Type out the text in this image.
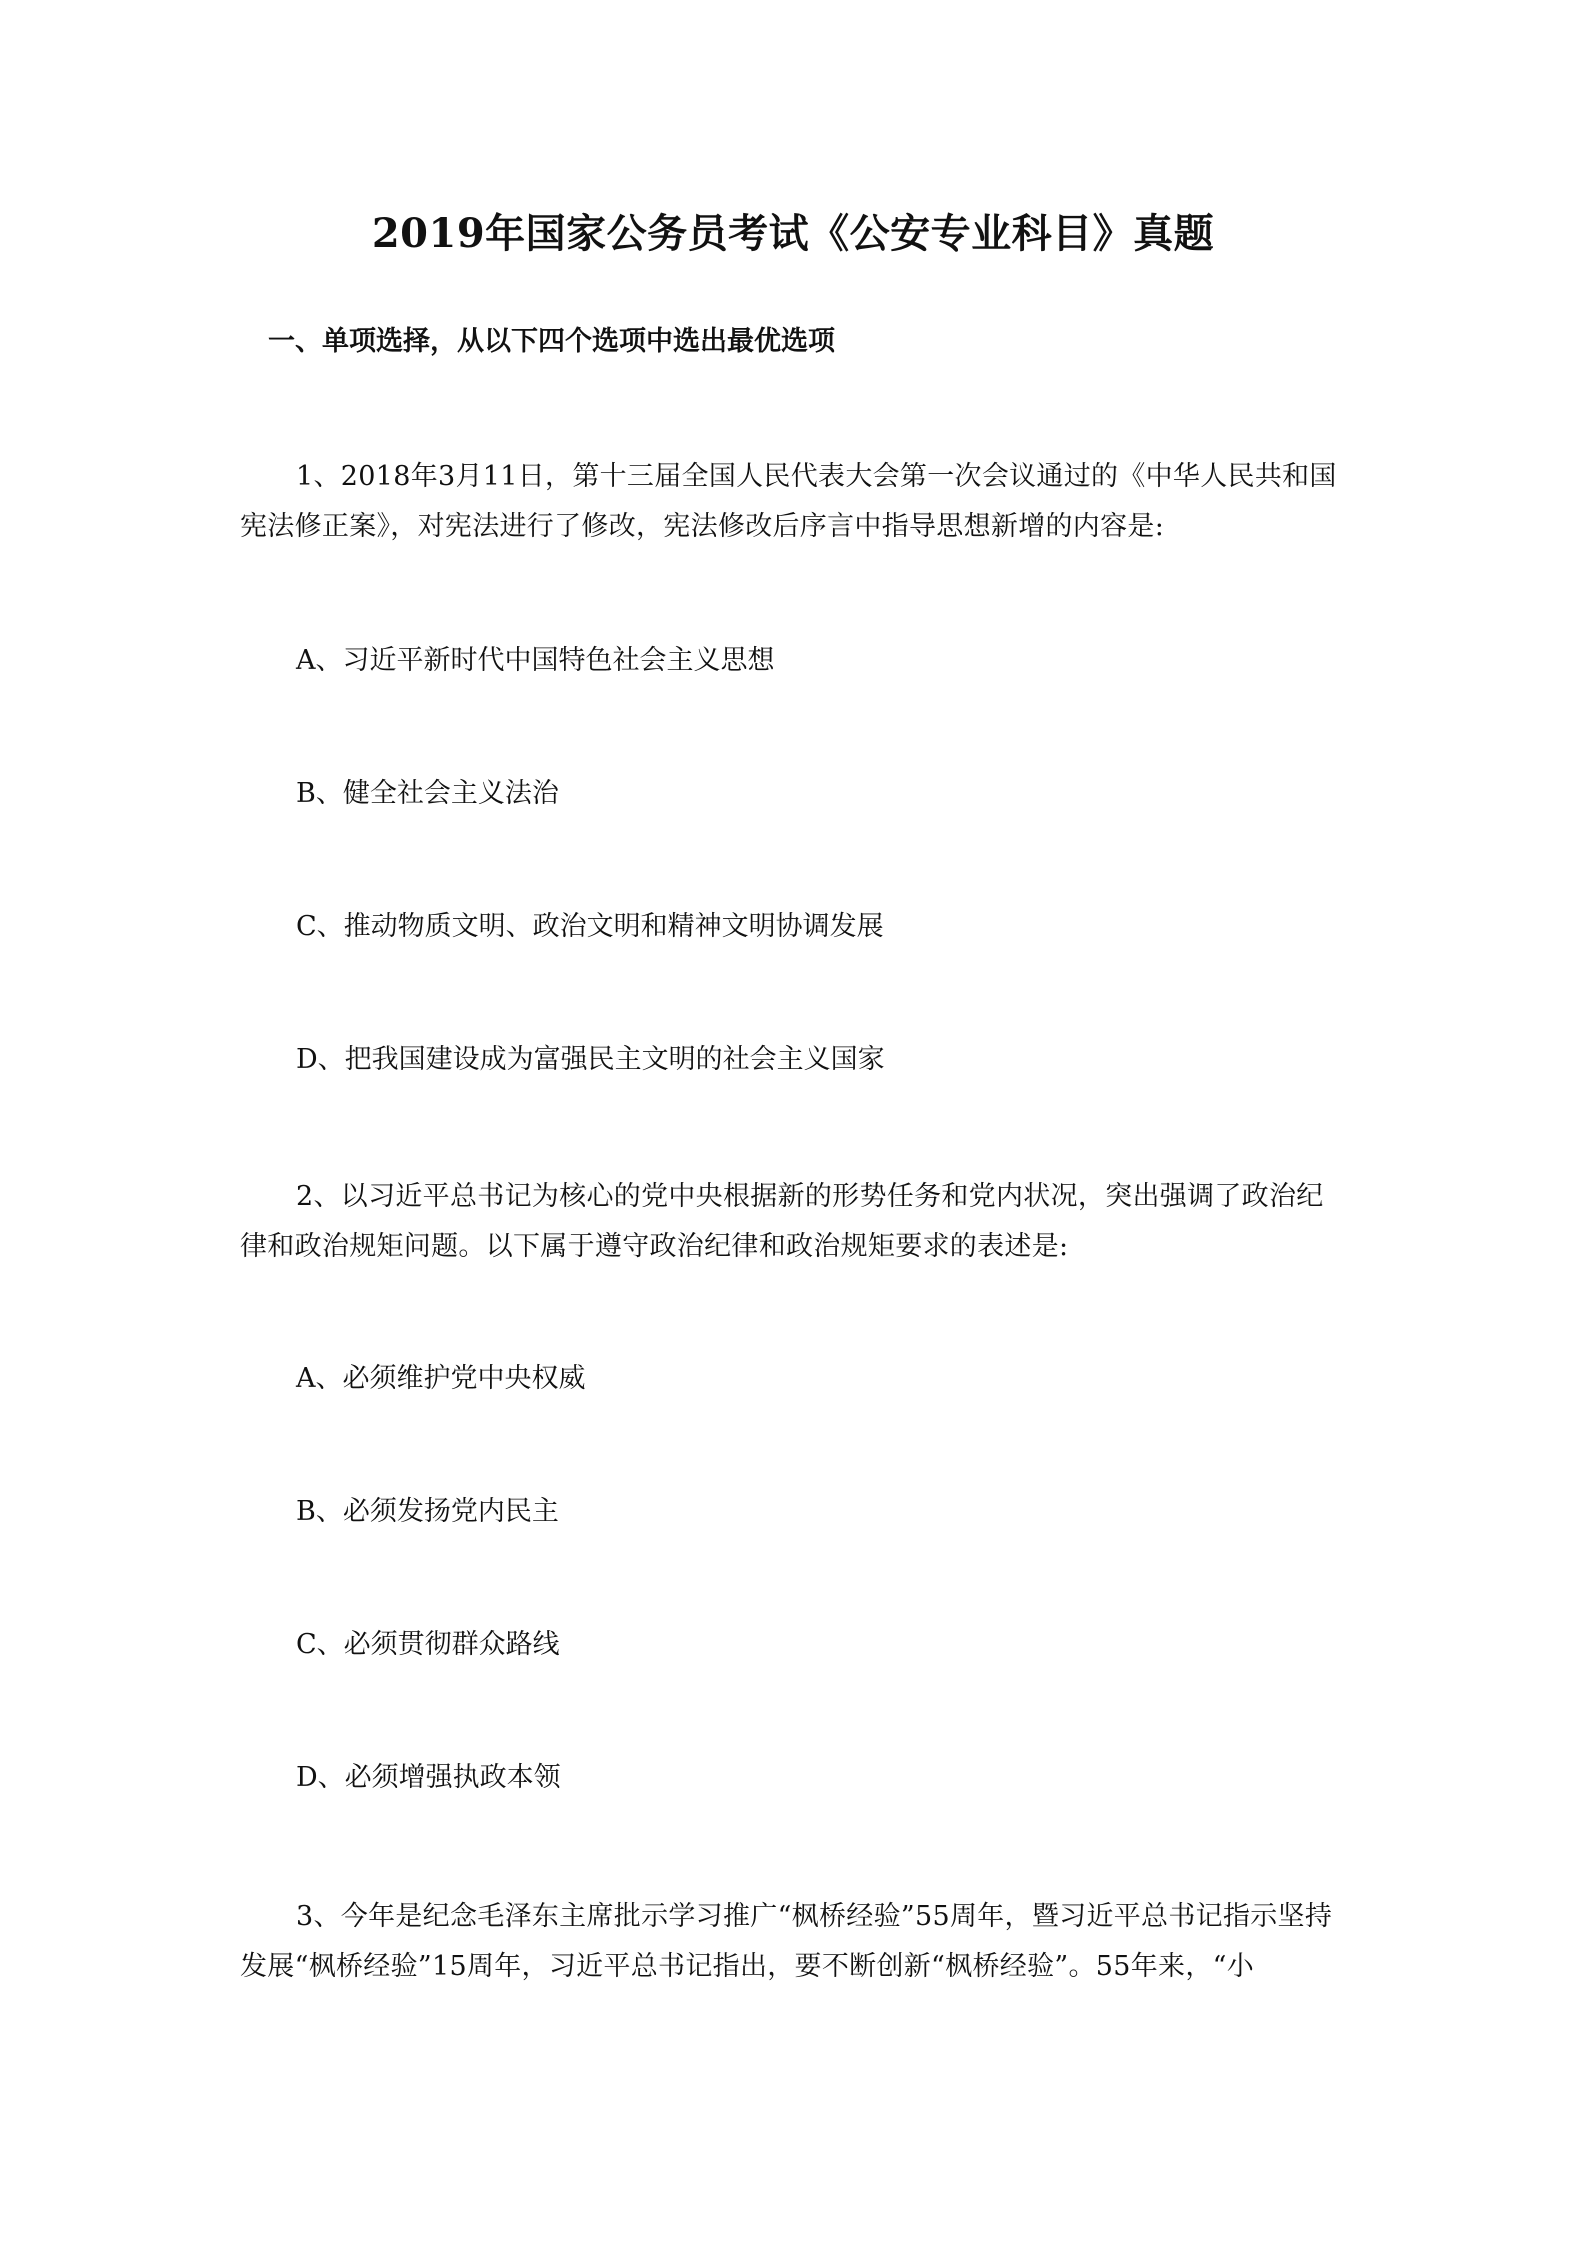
2019年国家公务员考试《公安专业科目》真题
一、单项选择，从以下四个选项中选出最优选项
1、2018年3月11日，第十三届全国人民代表大会第一次会议通过的《中华人民共和国宪法修正案》，对宪法进行了修改，宪法修改后序言中指导思想新增的内容是:
A、习近平新时代中国特色社会主义思想
B、健全社会主义法治
C、推动物质文明、政治文明和精神文明协调发展
D、把我国建设成为富强民主文明的社会主义国家
2、以习近平总书记为核心的党中央根据新的形势任务和党内状况，突出强调了政治纪律和政治规矩问题。以下属于遵守政治纪律和政治规矩要求的表述是:
A、必须维护党中央权威
B、必须发扬党内民主
C、必须贯彻群众路线
D、必须增强执政本领
3、今年是纪念毛泽东主席批示学习推广“枫桥经验”55周年，暨习近平总书记指示坚持发展“枫桥经验”15周年，习近平总书记指出，要不断创新“枫桥经验”。55年来，“小
